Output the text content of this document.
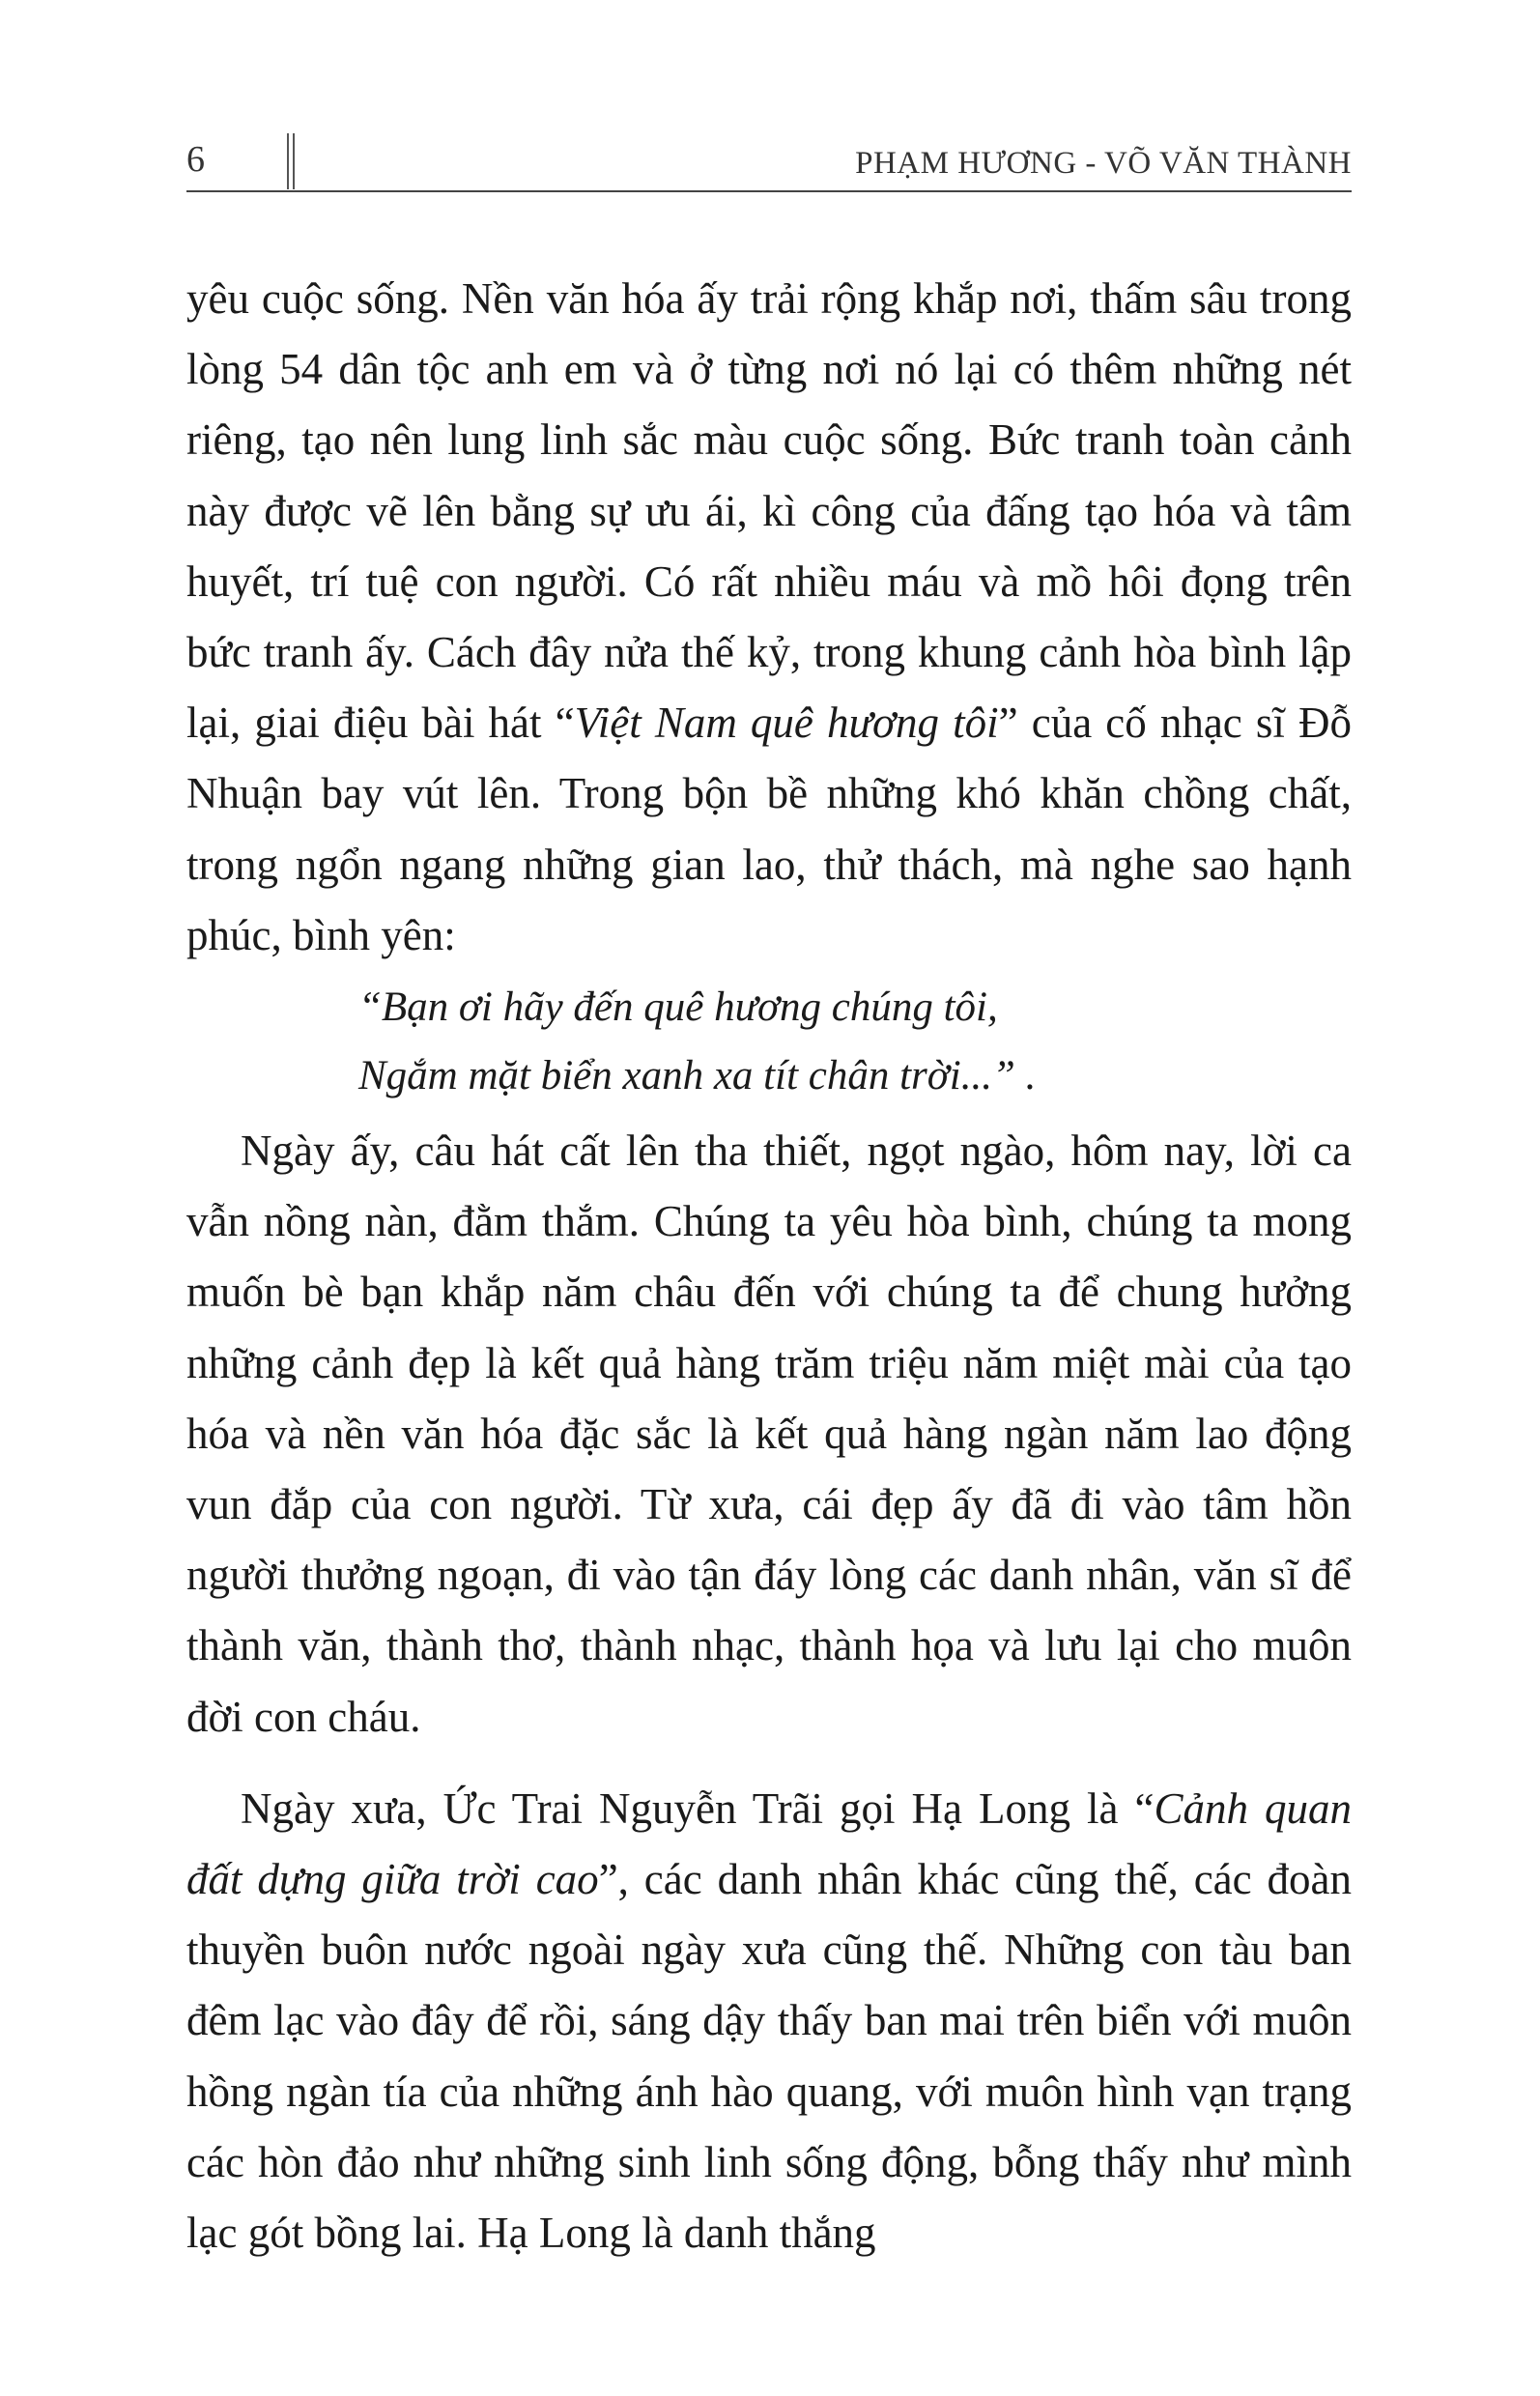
6	PHẠM HƯƠNG - VÕ VĂN THÀNH

yêu cuộc sống. Nền văn hóa ấy trải rộng khắp nơi, thấm sâu trong lòng 54 dân tộc anh em và ở từng nơi nó lại có thêm những nét riêng, tạo nên lung linh sắc màu cuộc sống. Bức tranh toàn cảnh này được vẽ lên bằng sự ưu ái, kì công của đấng tạo hóa và tâm huyết, trí tuệ con người. Có rất nhiều máu và mồ hôi đọng trên bức tranh ấy. Cách đây nửa thế kỷ, trong khung cảnh hòa bình lập lại, giai điệu bài hát “Việt Nam quê hương tôi” của cố nhạc sĩ Đỗ Nhuận bay vút lên. Trong bộn bề những khó khăn chồng chất, trong ngổn ngang những gian lao, thử thách, mà nghe sao hạnh phúc, bình yên:

“Bạn ơi hãy đến quê hương chúng tôi,
Ngắm mặt biển xanh xa tít chân trời...” .

Ngày ấy, câu hát cất lên tha thiết, ngọt ngào, hôm nay, lời ca vẫn nồng nàn, đằm thắm. Chúng ta yêu hòa bình, chúng ta mong muốn bè bạn khắp năm châu đến với chúng ta để chung hưởng những cảnh đẹp là kết quả hàng trăm triệu năm miệt mài của tạo hóa và nền văn hóa đặc sắc là kết quả hàng ngàn năm lao động vun đắp của con người. Từ xưa, cái đẹp ấy đã đi vào tâm hồn người thưởng ngoạn, đi vào tận đáy lòng các danh nhân, văn sĩ để thành văn, thành thơ, thành nhạc, thành họa và lưu lại cho muôn đời con cháu.

Ngày xưa, Ức Trai Nguyễn Trãi gọi Hạ Long là “Cảnh quan đất dựng giữa trời cao”, các danh nhân khác cũng thế, các đoàn thuyền buôn nước ngoài ngày xưa cũng thế. Những con tàu ban đêm lạc vào đây để rồi, sáng dậy thấy ban mai trên biển với muôn hồng ngàn tía của những ánh hào quang, với muôn hình vạn trạng các hòn đảo như những sinh linh sống động, bỗng thấy như mình lạc gót bồng lai. Hạ Long là danh thắng
